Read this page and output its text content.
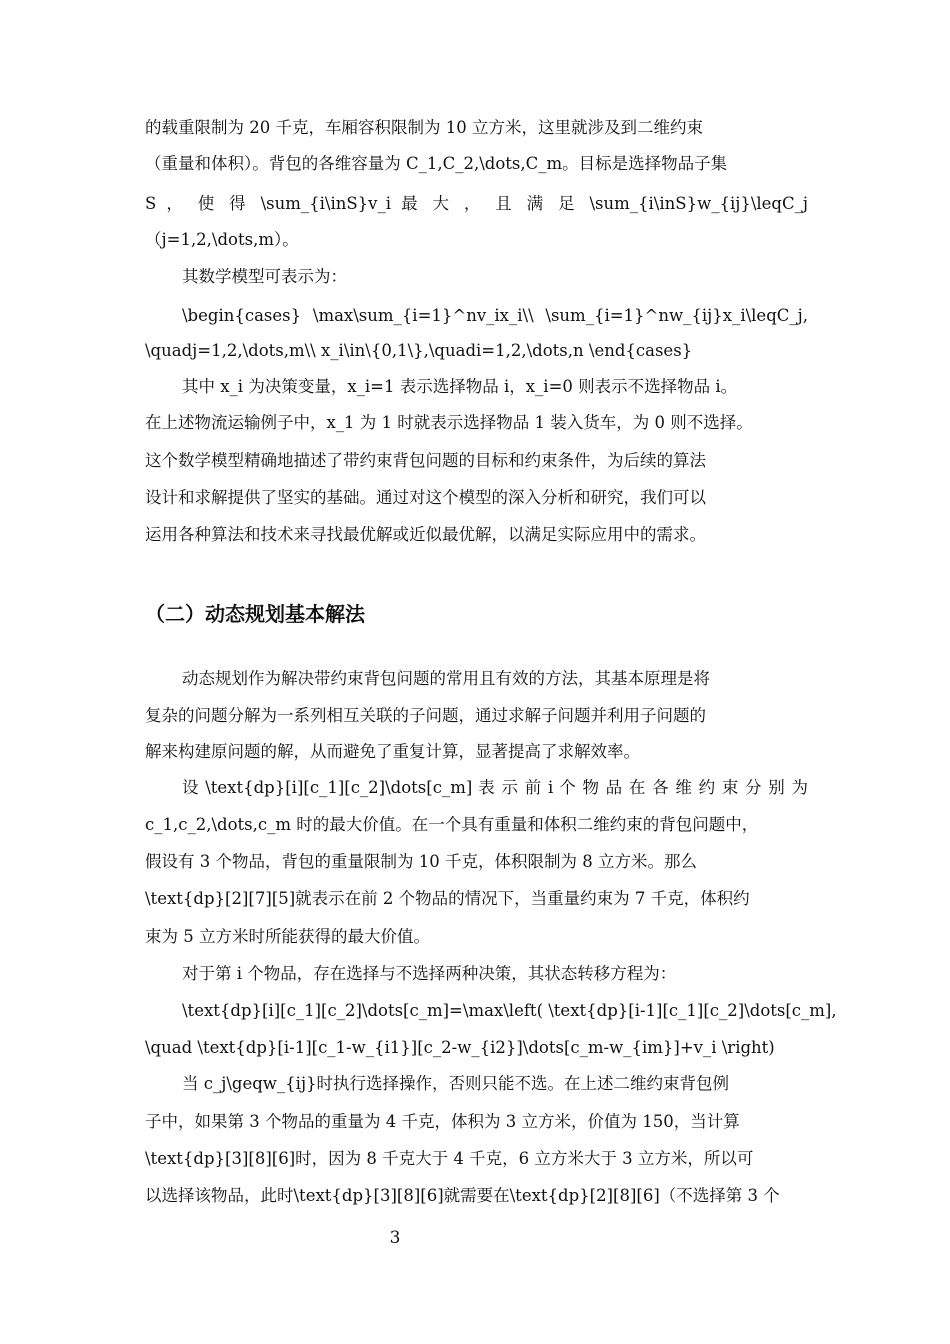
的载重限制为 20 千克，车厢容积限制为 10 立方米，这里就涉及到二维约束
（重量和体积）。背包的各维容量为 C_1,C_2,\dots,C_m。目标是选择物品子集
S ， 使 得 \sum_{i\inS}v_i 最 大 ， 且 满 足 \sum_{i\inS}w_{ij}\leqC_j
（j=1,2,\dots,m）。
其数学模型可表示为：
\begin{cases} \max\sum_{i=1}^nv_ix_i\\ \sum_{i=1}^nw_{ij}x_i\leqC_j,
\quadj=1,2,\dots,m\\ x_i\in\{0,1\},\quadi=1,2,\dots,n \end{cases}
其中 x_i 为决策变量，x_i=1 表示选择物品 i，x_i=0 则表示不选择物品 i。
在上述物流运输例子中，x_1 为 1 时就表示选择物品 1 装入货车，为 0 则不选择。
这个数学模型精确地描述了带约束背包问题的目标和约束条件，为后续的算法
设计和求解提供了坚实的基础。通过对这个模型的深入分析和研究，我们可以
运用各种算法和技术来寻找最优解或近似最优解，以满足实际应用中的需求。
（二）动态规划基本解法
动态规划作为解决带约束背包问题的常用且有效的方法，其基本原理是将
复杂的问题分解为一系列相互关联的子问题，通过求解子问题并利用子问题的
解来构建原问题的解，从而避免了重复计算，显著提高了求解效率。
设 \text{dp}[i][c_1][c_2]\dots[c_m] 表 示 前 i 个 物 品 在 各 维 约 束 分 别 为
c_1,c_2,\dots,c_m 时的最大价值。在一个具有重量和体积二维约束的背包问题中，
假设有 3 个物品，背包的重量限制为 10 千克，体积限制为 8 立方米。那么
\text{dp}[2][7][5]就表示在前 2 个物品的情况下，当重量约束为 7 千克，体积约
束为 5 立方米时所能获得的最大价值。
对于第 i 个物品，存在选择与不选择两种决策，其状态转移方程为：
\text{dp}[i][c_1][c_2]\dots[c_m]=\max\left( \text{dp}[i-1][c_1][c_2]\dots[c_m],
\quad \text{dp}[i-1][c_1-w_{i1}][c_2-w_{i2}]\dots[c_m-w_{im}]+v_i \right)
当 c_j\geqw_{ij}时执行选择操作，否则只能不选。在上述二维约束背包例
子中，如果第 3 个物品的重量为 4 千克，体积为 3 立方米，价值为 150，当计算
\text{dp}[3][8][6]时，因为 8 千克大于 4 千克，6 立方米大于 3 立方米，所以可
以选择该物品，此时\text{dp}[3][8][6]就需要在\text{dp}[2][8][6]（不选择第 3 个
3
